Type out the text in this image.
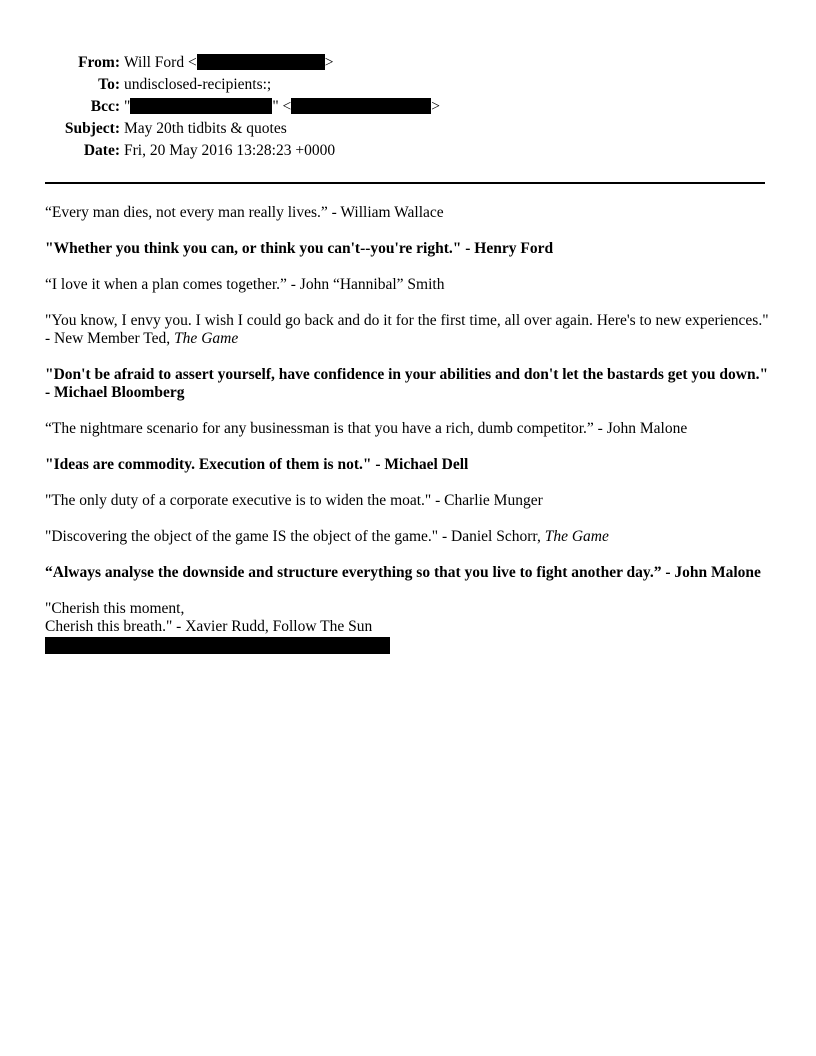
From: Will Ford <	>
To: undisclosed-recipients:;
Bcc: "	" <	>
Subject: May 20th tidbits & quotes
Date: Fri, 20 May 2016 13:28:23 +0000

“Every man dies, not every man really lives.” - William Wallace

"Whether you think you can, or think you can't--you're right." - Henry Ford

“I love it when a plan comes together.” - John “Hannibal” Smith

"You know, I envy you. I wish I could go back and do it for the first time, all over again. Here's to new experiences." - New Member Ted, The Game

"Don't be afraid to assert yourself, have confidence in your abilities and don't let the bastards get you down." - Michael Bloomberg

“The nightmare scenario for any businessman is that you have a rich, dumb competitor.” - John Malone

"Ideas are commodity. Execution of them is not." - Michael Dell

"The only duty of a corporate executive is to widen the moat." - Charlie Munger

"Discovering the object of the game IS the object of the game." - Daniel Schorr, The Game

“Always analyse the downside and structure everything so that you live to fight another day.” - John Malone

"Cherish this moment,
Cherish this breath." - Xavier Rudd, Follow The Sun
